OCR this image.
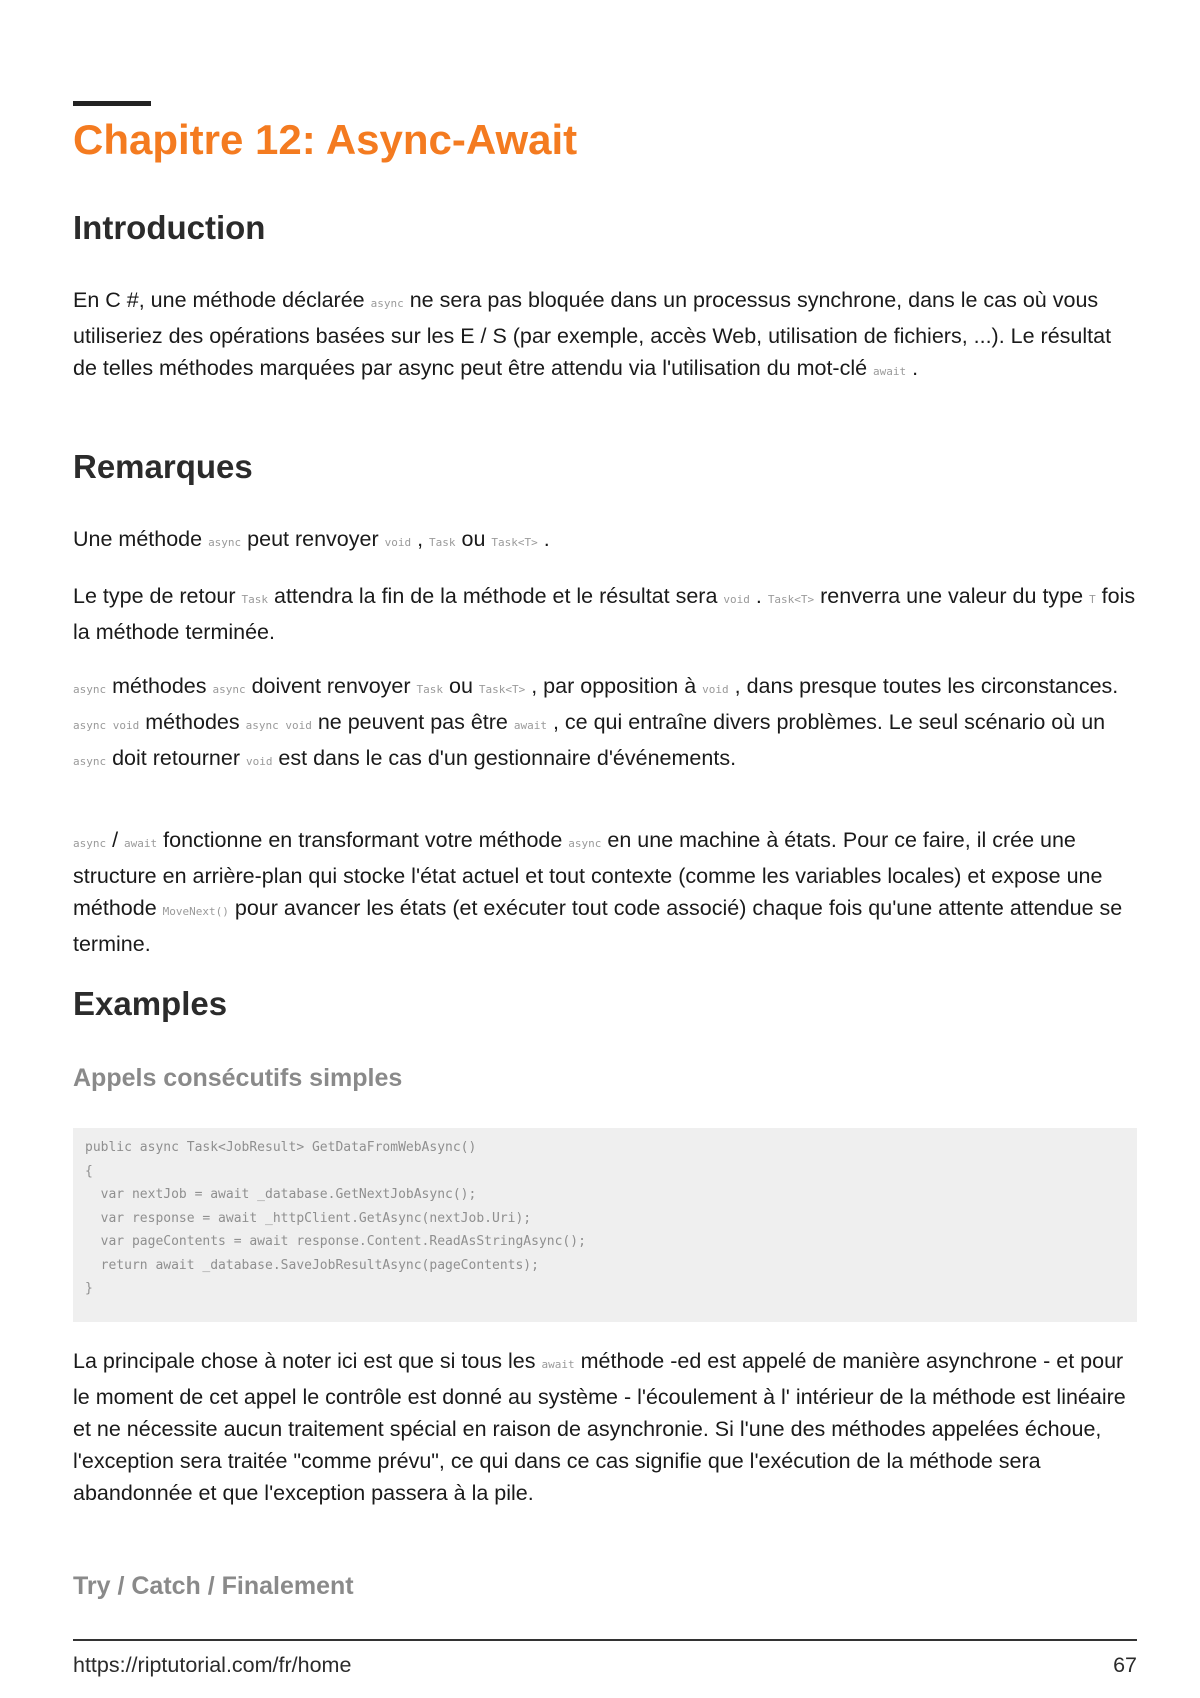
Chapitre 12: Async-Await
Introduction

En C #, une méthode déclarée async ne sera pas bloquée dans un processus synchrone, dans le cas où vous utiliseriez des opérations basées sur les E / S (par exemple, accès Web, utilisation de fichiers, ...). Le résultat de telles méthodes marquées par async peut être attendu via l'utilisation du mot-clé await .

Remarques

Une méthode async peut renvoyer void , Task ou Task<T> .

Le type de retour Task attendra la fin de la méthode et le résultat sera void . Task<T> renverra une valeur du type T fois la méthode terminée.

async méthodes async doivent renvoyer Task ou Task<T> , par opposition à void , dans presque toutes les circonstances. async void méthodes async void ne peuvent pas être await , ce qui entraîne divers problèmes. Le seul scénario où un async doit retourner void est dans le cas d'un gestionnaire d'événements.

async / await fonctionne en transformant votre méthode async en une machine à états. Pour ce faire, il crée une structure en arrière-plan qui stocke l'état actuel et tout contexte (comme les variables locales) et expose une méthode MoveNext() pour avancer les états (et exécuter tout code associé) chaque fois qu'une attente attendue se termine.

Examples
Appels consécutifs simples
public async Task<JobResult> GetDataFromWebAsync()
{
var nextJob = await _database.GetNextJobAsync();
var response = await _httpClient.GetAsync(nextJob.Uri);
var pageContents = await response.Content.ReadAsStringAsync();
return await _database.SaveJobResultAsync(pageContents);
}

La principale chose à noter ici est que si tous les await méthode -ed est appelé de manière asynchrone - et pour le moment de cet appel le contrôle est donné au système - l'écoulement à l' intérieur de la méthode est linéaire et ne nécessite aucun traitement spécial en raison de asynchronie. Si l'une des méthodes appelées échoue, l'exception sera traitée "comme prévu", ce qui dans ce cas signifie que l'exécution de la méthode sera abandonnée et que l'exception passera à la pile.

Try / Catch / Finalement
https://riptutorial.com/fr/home	67
